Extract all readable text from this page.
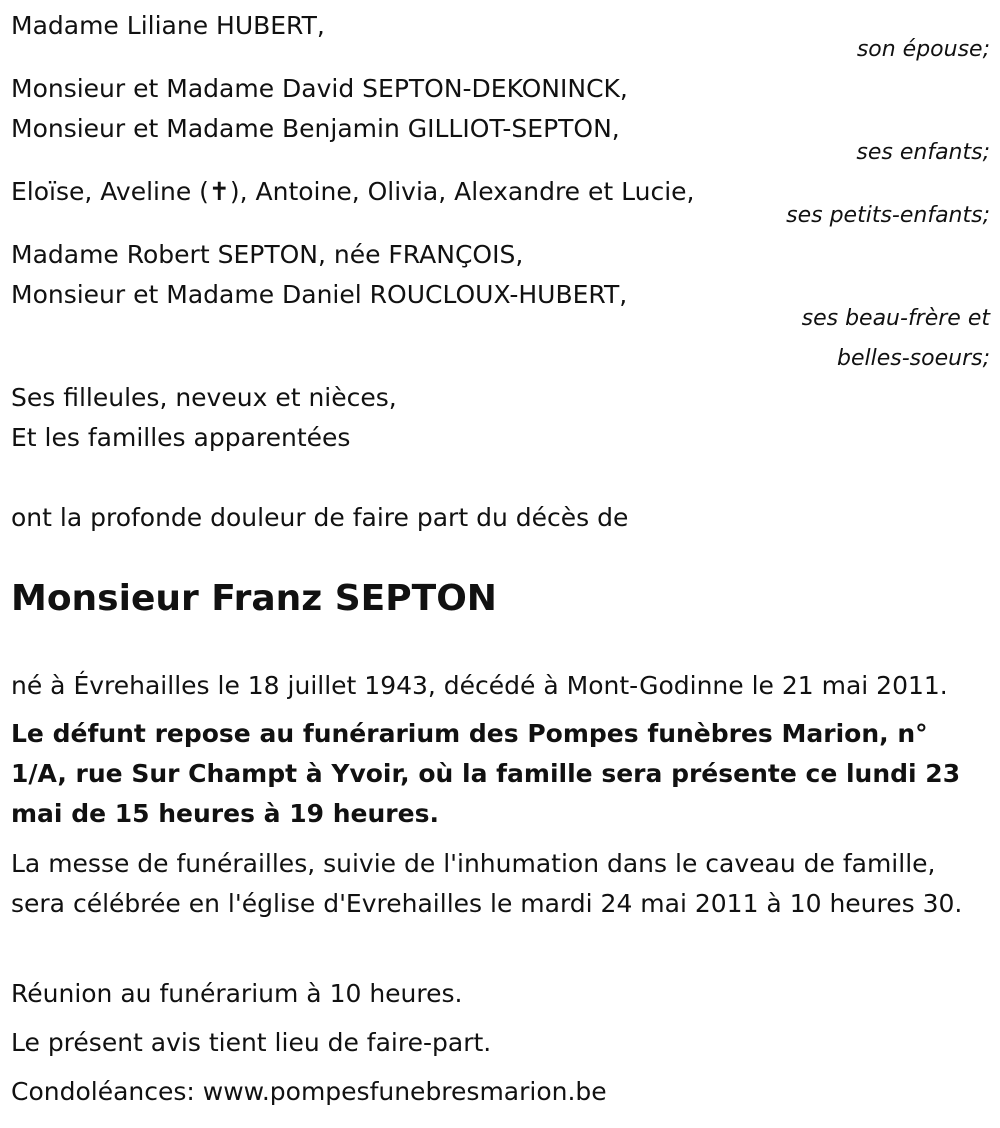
Madame Liliane HUBERT,

son épouse;

Monsieur et Madame David SEPTON-DEKONINCK,

Monsieur et Madame Benjamin GILLIOT-SEPTON,

ses enfants;

Eloïse, Aveline (✝), Antoine, Olivia, Alexandre et Lucie,

ses petits-enfants;

Madame Robert SEPTON, née FRANÇOIS,

Monsieur et Madame Daniel ROUCLOUX-HUBERT,

ses beau-frère et

belles-soeurs;

Ses filleules, neveux et nièces,

Et les familles apparentées

ont la profonde douleur de faire part du décès de

Monsieur Franz SEPTON

né à Évrehailles le 18 juillet 1943, décédé à Mont-Godinne le 21 mai 2011.

Le défunt repose au funérarium des Pompes funèbres Marion, n° 1/A, rue Sur Champt à Yvoir, où la famille sera présente ce lundi 23 mai de 15 heures à 19 heures.

La messe de funérailles, suivie de l'inhumation dans le caveau de famille, sera célébrée en l'église d'Evrehailles le mardi 24 mai 2011 à 10 heures 30.

Réunion au funérarium à 10 heures.

Le présent avis tient lieu de faire-part.

Condoléances: www.pompesfunebresmarion.be
